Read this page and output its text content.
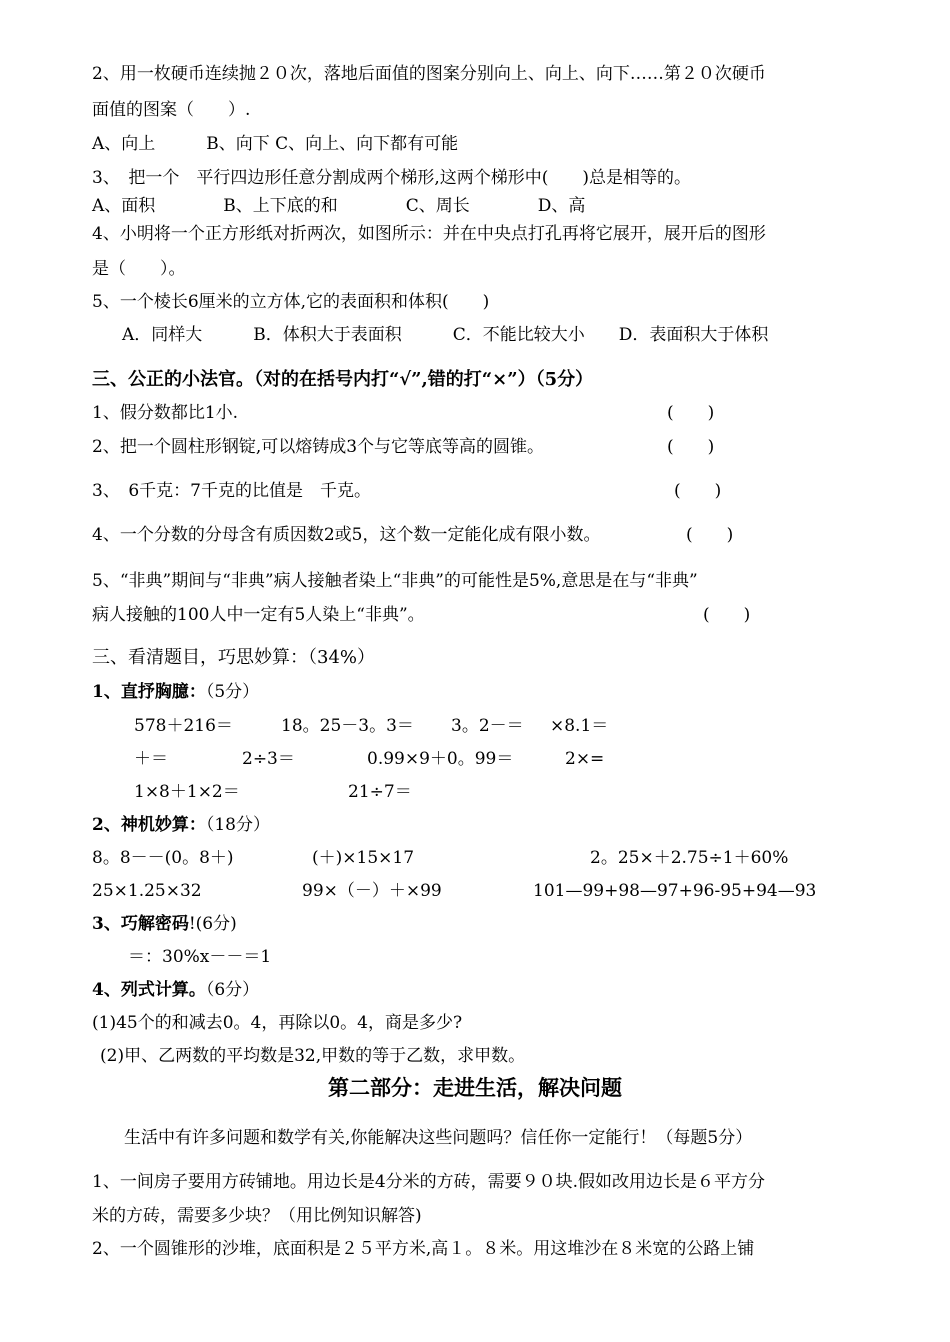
2、用一枚硬币连续抛２０次，落地后面值的图案分别向上、向上、向下……第２０次硬币
面值的图案（　　）.
A、向上　　　B、向下 C、向上、向下都有可能
3、　把一个　平行四边形任意分割成两个梯形,这两个梯形中(　　)总是相等的。
A、面积　　　　B、上下底的和　　　　C、周长　　　　D、高
4、小明将一个正方形纸对折两次，如图所示：并在中央点打孔再将它展开，展开后的图形
是（　　）。
5、一个棱长6厘米的立方体,它的表面积和体积(　　)
A．同样大　　　B．体积大于表面积　　　C．不能比较大小　　D．表面积大于体积
三、公正的小法官。（对的在括号内打“√”,错的打“×”）（5分）
1、假分数都比1小.	(　　)
2、把一个圆柱形钢锭,可以熔铸成3个与它等底等高的圆锥。	(　　)
3、　6千克：7千克的比值是　千克。	(　　)
4、一个分数的分母含有质因数2或5，这个数一定能化成有限小数。	(　　)
5、“非典”期间与“非典”病人接触者染上“非典”的可能性是5%,意思是在与“非典”
病人接触的100人中一定有5人染上“非典”。	(　　)
三、看清题目，巧思妙算：（34%）
1、直抒胸臆：（5分）
578＋216＝	18。25－3。3＝ 3。2－＝ ×8.1＝
＋＝	2÷3＝	0.99×9＋0。99＝	2×=
1×8＋1×2＝	21÷7＝
2、神机妙算：（18分）
8。8－－(0。8＋)	(＋)×15×17	2。25×＋2.75÷1＋60%
25×1.25×32	99×（－）＋×99	101—99+98—97+96-95+94—93
3、巧解密码!(6分)
＝：30%x－－＝1
4、列式计算。（6分）
(1)45个的和减去0。4，再除以0。4，商是多少?
(2)甲、乙两数的平均数是32,甲数的等于乙数，求甲数。
第二部分：走进生活，解决问题
生活中有许多问题和数学有关,你能解决这些问题吗？信任你一定能行！（每题5分）
1、一间房子要用方砖铺地。用边长是4分米的方砖，需要９０块.假如改用边长是６平方分
米的方砖，需要多少块？（用比例知识解答)
2、一个圆锥形的沙堆，底面积是２５平方米,高１。８米。用这堆沙在８米宽的公路上铺
